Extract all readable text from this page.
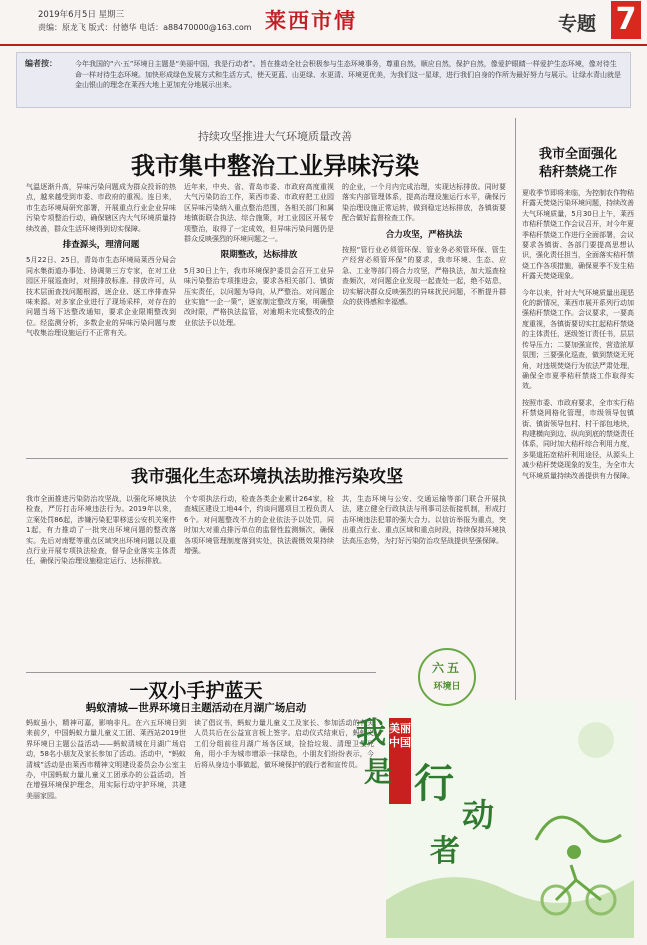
2019年6月5日 星期三
责编：原龙飞 版式：付德华 电话：a88470000@163.com 莱西市情	专题 7
编者按：	今年我国的“六·五”环境日主题是“美丽中国，我是行动者”。旨在推动全社会积极参与生态环境事务，尊重自然，顺应自然，保护自然，像爱护眼睛一样爱护生态环境，像对待生命一样对待生态环境。加快形成绿色发展方式和生活方式，使天更蓝、山更绿、水更清、环境更优美，为我们这一星球，进行我们自身的作所为最好努力与展示。让绿水青山就是金山银山的理念在莱西大地上更加充分地展示出来。
持续攻坚推进大气环境质量改善
我市集中整治工业异味污染
气温逐渐升高，异味污染问题成为群众投诉的热点，越来越受到市委、市政府的重视。连日来，市生态环境局研究部署，开展重点行业企业异味污染专项整治行动，确保辖区内大气环境质量持续改善，群众生活环境得到切实保障。
排查源头，理清问题
5月22日、25日，青岛市生态环境局莱西分局会同水集街道办事处、协调第三方专家，在对工业园区开展巡查时，对照排放标准、排放许可，从技术层面查找问题根源，逐企业、逐工序排查异味来源。对多家企业进行了现场采样，对存在的问题当场下达整改通知，要求企业限期整改到位。经监测分析，多数企业的异味污染问题与废气收集治理设施运行不正常有关。
近年来，中央、省、青岛市委、市政府高度重视大气污染防治工作，莱西市委、市政府把工业园区异味污染纳入重点整治范围，各相关部门和属地镇街联合执法、综合施策，对工业园区开展专项整治，取得了一定成效，但异味污染问题仍是群众反映强烈的环境问题之一。
限期整改，达标排放
5月30日上午，我市环境保护委员会召开工业异味污染整治专项推进会，要求各相关部门、镇街压实责任，以问题为导向，从严整治。对问题企业实施“一企一策”，逐家制定整改方案，明确整改时限，严格执法监管，对逾期未完成整改的企业依法予以处理。
的企业，一个月内完成治理，实现达标排放。同时要落实内部管理体系，提高治理设施运行水平，确保污染治理设施正常运转，做到稳定达标排放，各镇街要配合做好监督检查工作。
合力攻坚，严格执法
按照“管行业必须管环保、管业务必须管环保、管生产经营必须管环保”的要求，我市环境、生态、应急、工业等部门将合力攻坚，严格执法，加大巡查检查频次，对问题企业发现一起查处一起，绝不姑息，切实解决群众反映强烈的异味扰民问题，不断提升群众的获得感和幸福感。
我市全面强化
秸秆禁烧工作
夏收季节即将来临，为控制农作物秸秆露天焚烧污染环境问题，持续改善大气环境质量，5月30日上午，莱西市秸秆禁烧工作会议召开，对今年夏季秸秆禁烧工作进行全面部署，会议要求各镇街、各部门要提高思想认识，强化责任担当，全面落实秸秆禁烧工作各项措施，确保夏季不发生秸秆露天焚烧现象。
今年以来，针对大气环境质量出现恶化的新情况，莱西市展开系列行动加强秸秆禁烧工作。会议要求，一要高度重视，各镇街要切实扛起秸秆禁烧的主体责任，逐级签订责任书，层层传导压力；二要加强宣传，营造浓厚氛围；三要强化巡查，做到禁烧无死角，对违规焚烧行为依法严肃处理，确保全市夏季秸秆禁烧工作取得实效。
按照市委、市政府要求，全市实行秸秆禁烧网格化管理，市级领导包镇街、镇街领导包村、村干部包地块，构建横向到边、纵向到底的禁烧责任体系，同时加大秸秆综合利用力度，多渠道拓宽秸秆利用途径，从源头上减少秸秆焚烧现象的发生，为全市大气环境质量持续改善提供有力保障。
我市强化生态环境执法助推污染攻坚
我市全面推进污染防治攻坚战，以强化环境执法检查，严厉打击环境违法行为。2019年以来，立案处罚86起，涉嫌污染犯罪移送公安机关案件1起，有力推动了一批突出环境问题的整改落实。先后对南墅等重点区域突出环境问题以及重点行业开展专项执法检查，督导企业落实主体责任，确保污染治理设施稳定运行、达标排放。
个专项执法行动，检查各类企业累计264家，检查城区建设工地44个，约谈问题项目工程负责人6个。对问题整改不力的企业依法予以处罚，同时加大对重点排污单位的监督性监测频次，确保各项环境管理制度落到实处，执法震慑效果持续增强。
共，生态环境与公安、交通运输等部门联合开展执法，建立健全行政执法与刑事司法衔接机制，形成打击环境违法犯罪的强大合力。以信访举报为重点，突出重点行业、重点区域和重点时段，持续保持环境执法高压态势，为打好污染防治攻坚战提供坚强保障。
一双小手护蓝天
蚂蚁清城—世界环境日主题活动在月湖广场启动
蚂蚁虽小，精神可嘉，影响非凡。在六五环境日到来前夕，中国蚂蚁力量儿童义工团、莱西站2019世界环境日主题公益活动——蚂蚁清城在月湖广场启动，58名小朋友及家长参加了活动。活动中，“蚂蚁清城”活动是由莱西市精神文明建设委员会办公室主办，中国蚂蚁力量儿童义工团承办的公益活动，旨在增强环境保护理念，用实际行动守护环境，共建美丽家园。
读了倡议书，蚂蚁力量儿童义工及家长、参加活动的有关人员共后在公益宣言板上签字。启动仪式结束后，蚂蚁义工们分组前往月湖广场各区域，捡拾垃圾、清理卫生死角，用小手为城市增添一抹绿色，小朋友们纷纷表示，今后将从身边小事做起，做环境保护的践行者和宣传员。
六五
环境日
美丽中国
我
是 行
动
者
